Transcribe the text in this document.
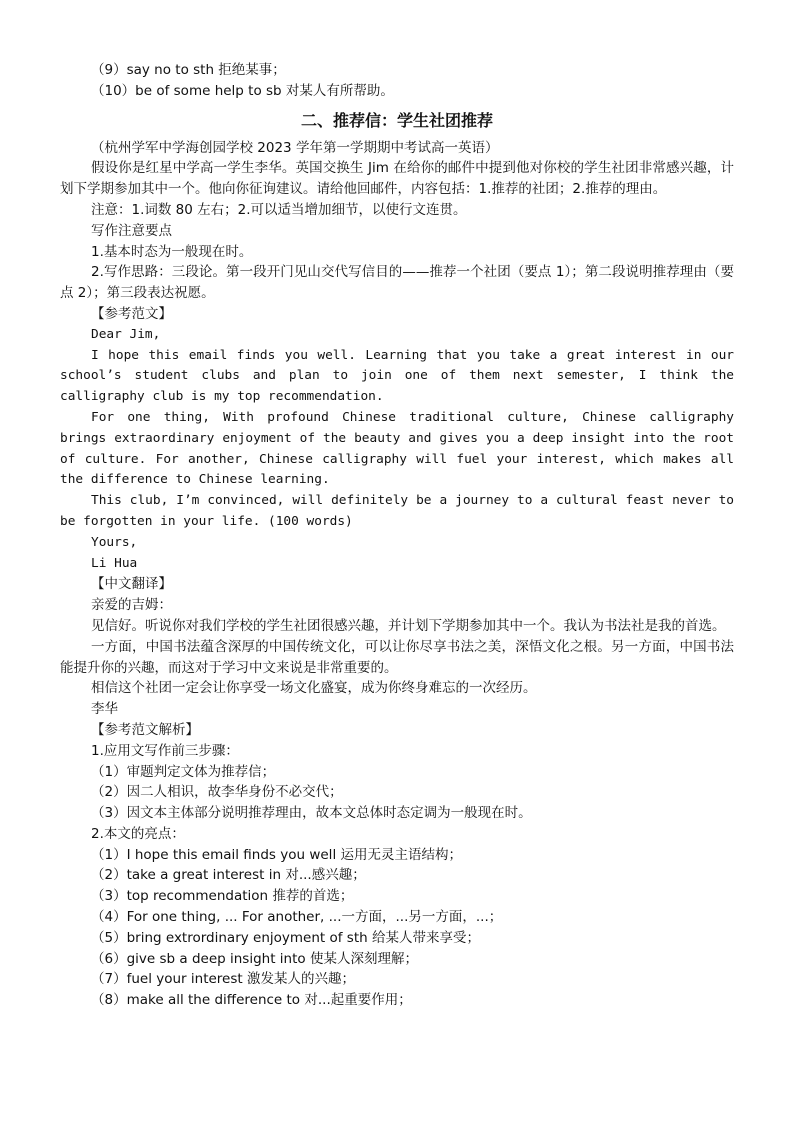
（9）say no to sth 拒绝某事；

（10）be of some help to sb 对某人有所帮助。

二、推荐信：学生社团推荐

（杭州学军中学海创园学校 2023 学年第一学期期中考试高一英语）

假设你是红星中学高一学生李华。英国交换生 Jim 在给你的邮件中提到他对你校的学生社团非常感兴趣，计划下学期参加其中一个。他向你征询建议。请给他回邮件，内容包括：1.推荐的社团；2.推荐的理由。

注意：1.词数 80 左右；2.可以适当增加细节，以使行文连贯。

写作注意要点

1.基本时态为一般现在时。

2.写作思路：三段论。第一段开门见山交代写信目的——推荐一个社团（要点 1）；第二段说明推荐理由（要点 2）；第三段表达祝愿。

【参考范文】

Dear Jim,

I hope this email finds you well. Learning that you take a great interest in our school’s student clubs and plan to join one of them next semester, I think the calligraphy club is my top recommendation.

For one thing, With profound Chinese traditional culture, Chinese calligraphy brings extraordinary enjoyment of the beauty and gives you a deep insight into the root of culture. For another, Chinese calligraphy will fuel your interest, which makes all the difference to Chinese learning.

This club, I’m convinced, will definitely be a journey to a cultural feast never to be forgotten in your life. (100 words)

Yours,

Li Hua

【中文翻译】

亲爱的吉姆：

见信好。听说你对我们学校的学生社团很感兴趣，并计划下学期参加其中一个。我认为书法社是我的首选。

一方面，中国书法蕴含深厚的中国传统文化，可以让你尽享书法之美，深悟文化之根。另一方面，中国书法能提升你的兴趣，而这对于学习中文来说是非常重要的。

相信这个社团一定会让你享受一场文化盛宴，成为你终身难忘的一次经历。

李华

【参考范文解析】

1.应用文写作前三步骤：

（1）审题判定文体为推荐信；

（2）因二人相识，故李华身份不必交代；

（3）因文本主体部分说明推荐理由，故本文总体时态定调为一般现在时。

2.本文的亮点：

（1）I hope this email finds you well 运用无灵主语结构；

（2）take a great interest in 对...感兴趣；

（3）top recommendation 推荐的首选；

（4）For one thing, ... For another, ...一方面，...另一方面，...；

（5）bring extrordinary enjoyment of sth 给某人带来享受；

（6）give sb a deep insight into 使某人深刻理解；

（7）fuel your interest 激发某人的兴趣；

（8）make all the difference to 对...起重要作用；
